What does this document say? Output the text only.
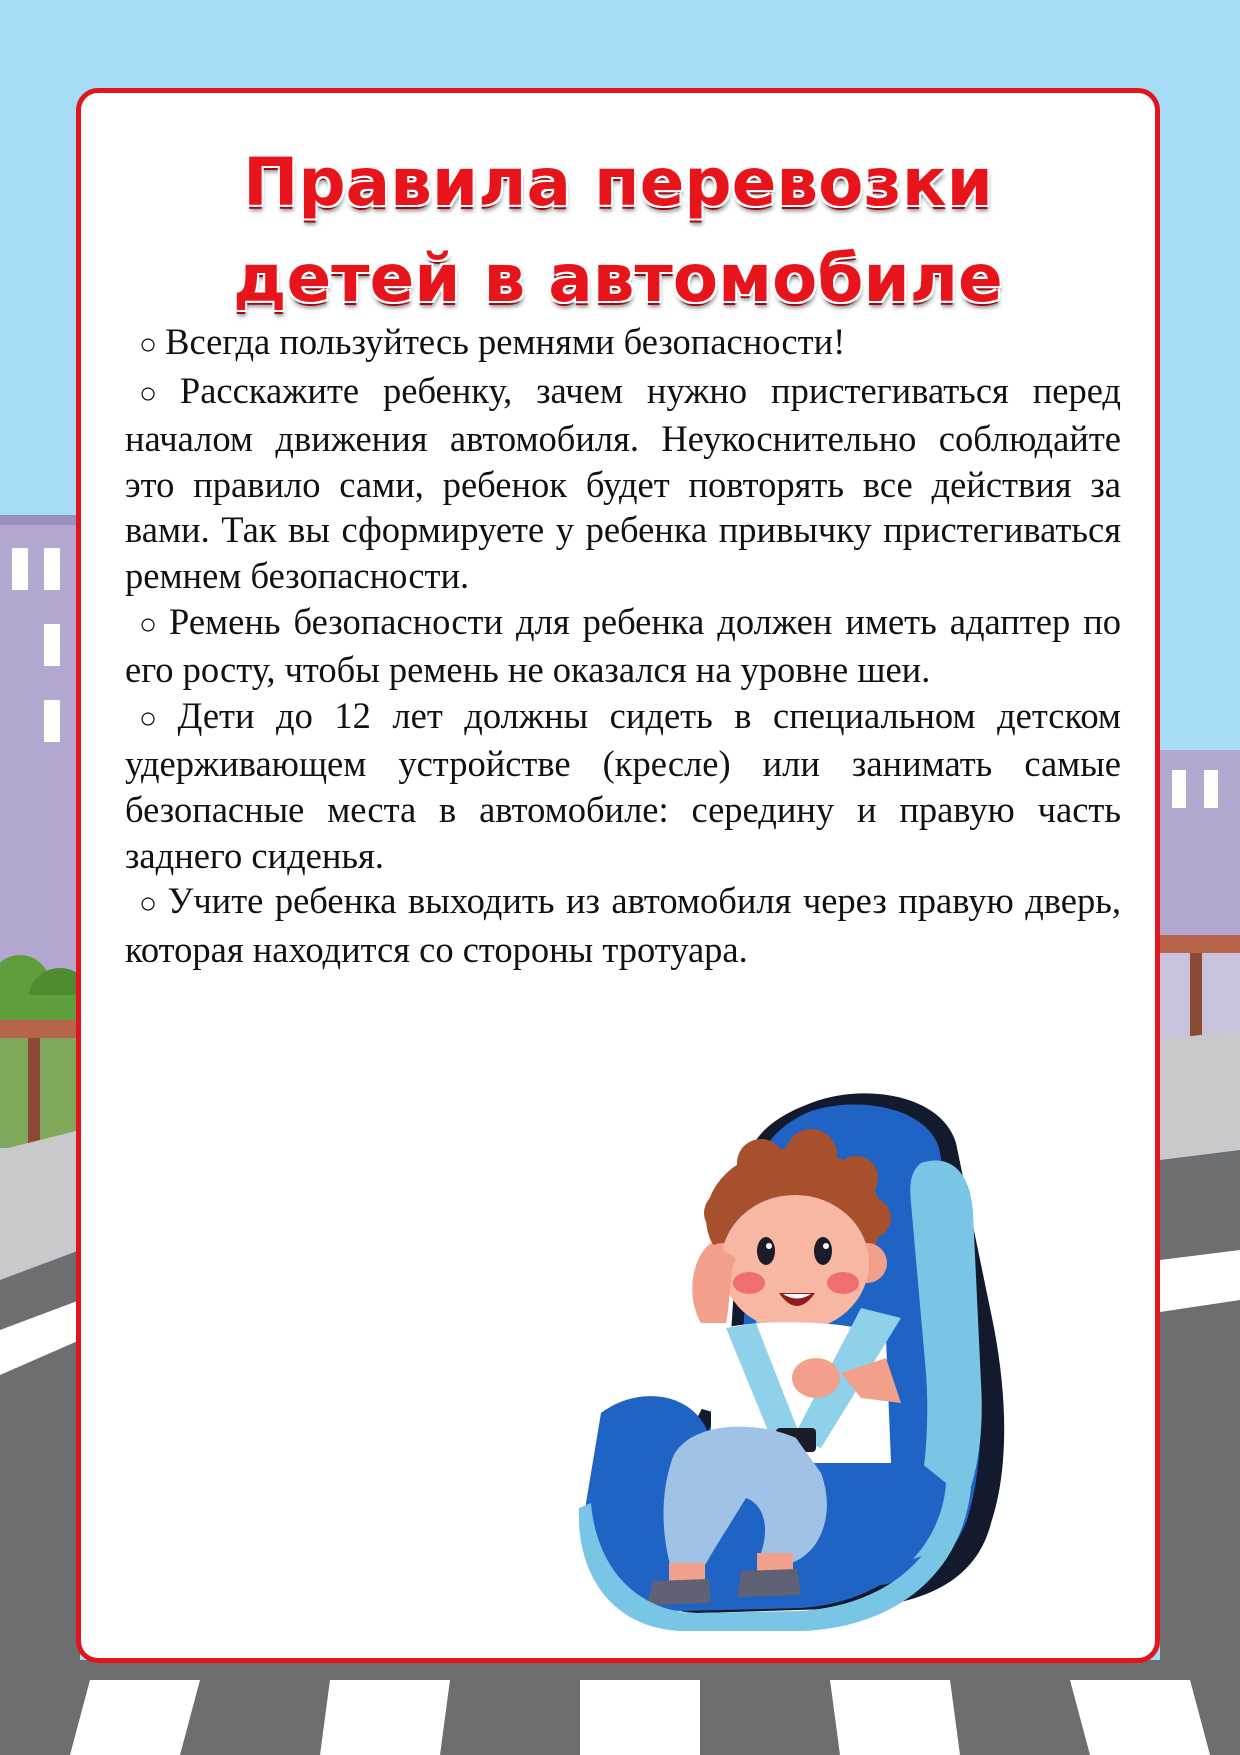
Правила перевозки
детей в автомобиле

○ Всегда пользуйтесь ремнями безопасности!

○ Расскажите ребенку, зачем нужно пристегиваться перед началом движения автомобиля. Неукоснительно соблюдайте это правило сами, ребенок будет повторять все действия за вами. Так вы сформируете у ребенка привычку пристегиваться ремнем безопасности.

○ Ремень безопасности для ребенка должен иметь адаптер по его росту, чтобы ремень не оказался на уровне шеи.

○ Дети до 12 лет должны сидеть в специальном детском удерживающем устройстве (кресле) или занимать самые безопасные места в автомобиле: середину и правую часть заднего сиденья.

○ Учите ребенка выходить из автомобиля через правую дверь, которая находится со стороны тротуара.
